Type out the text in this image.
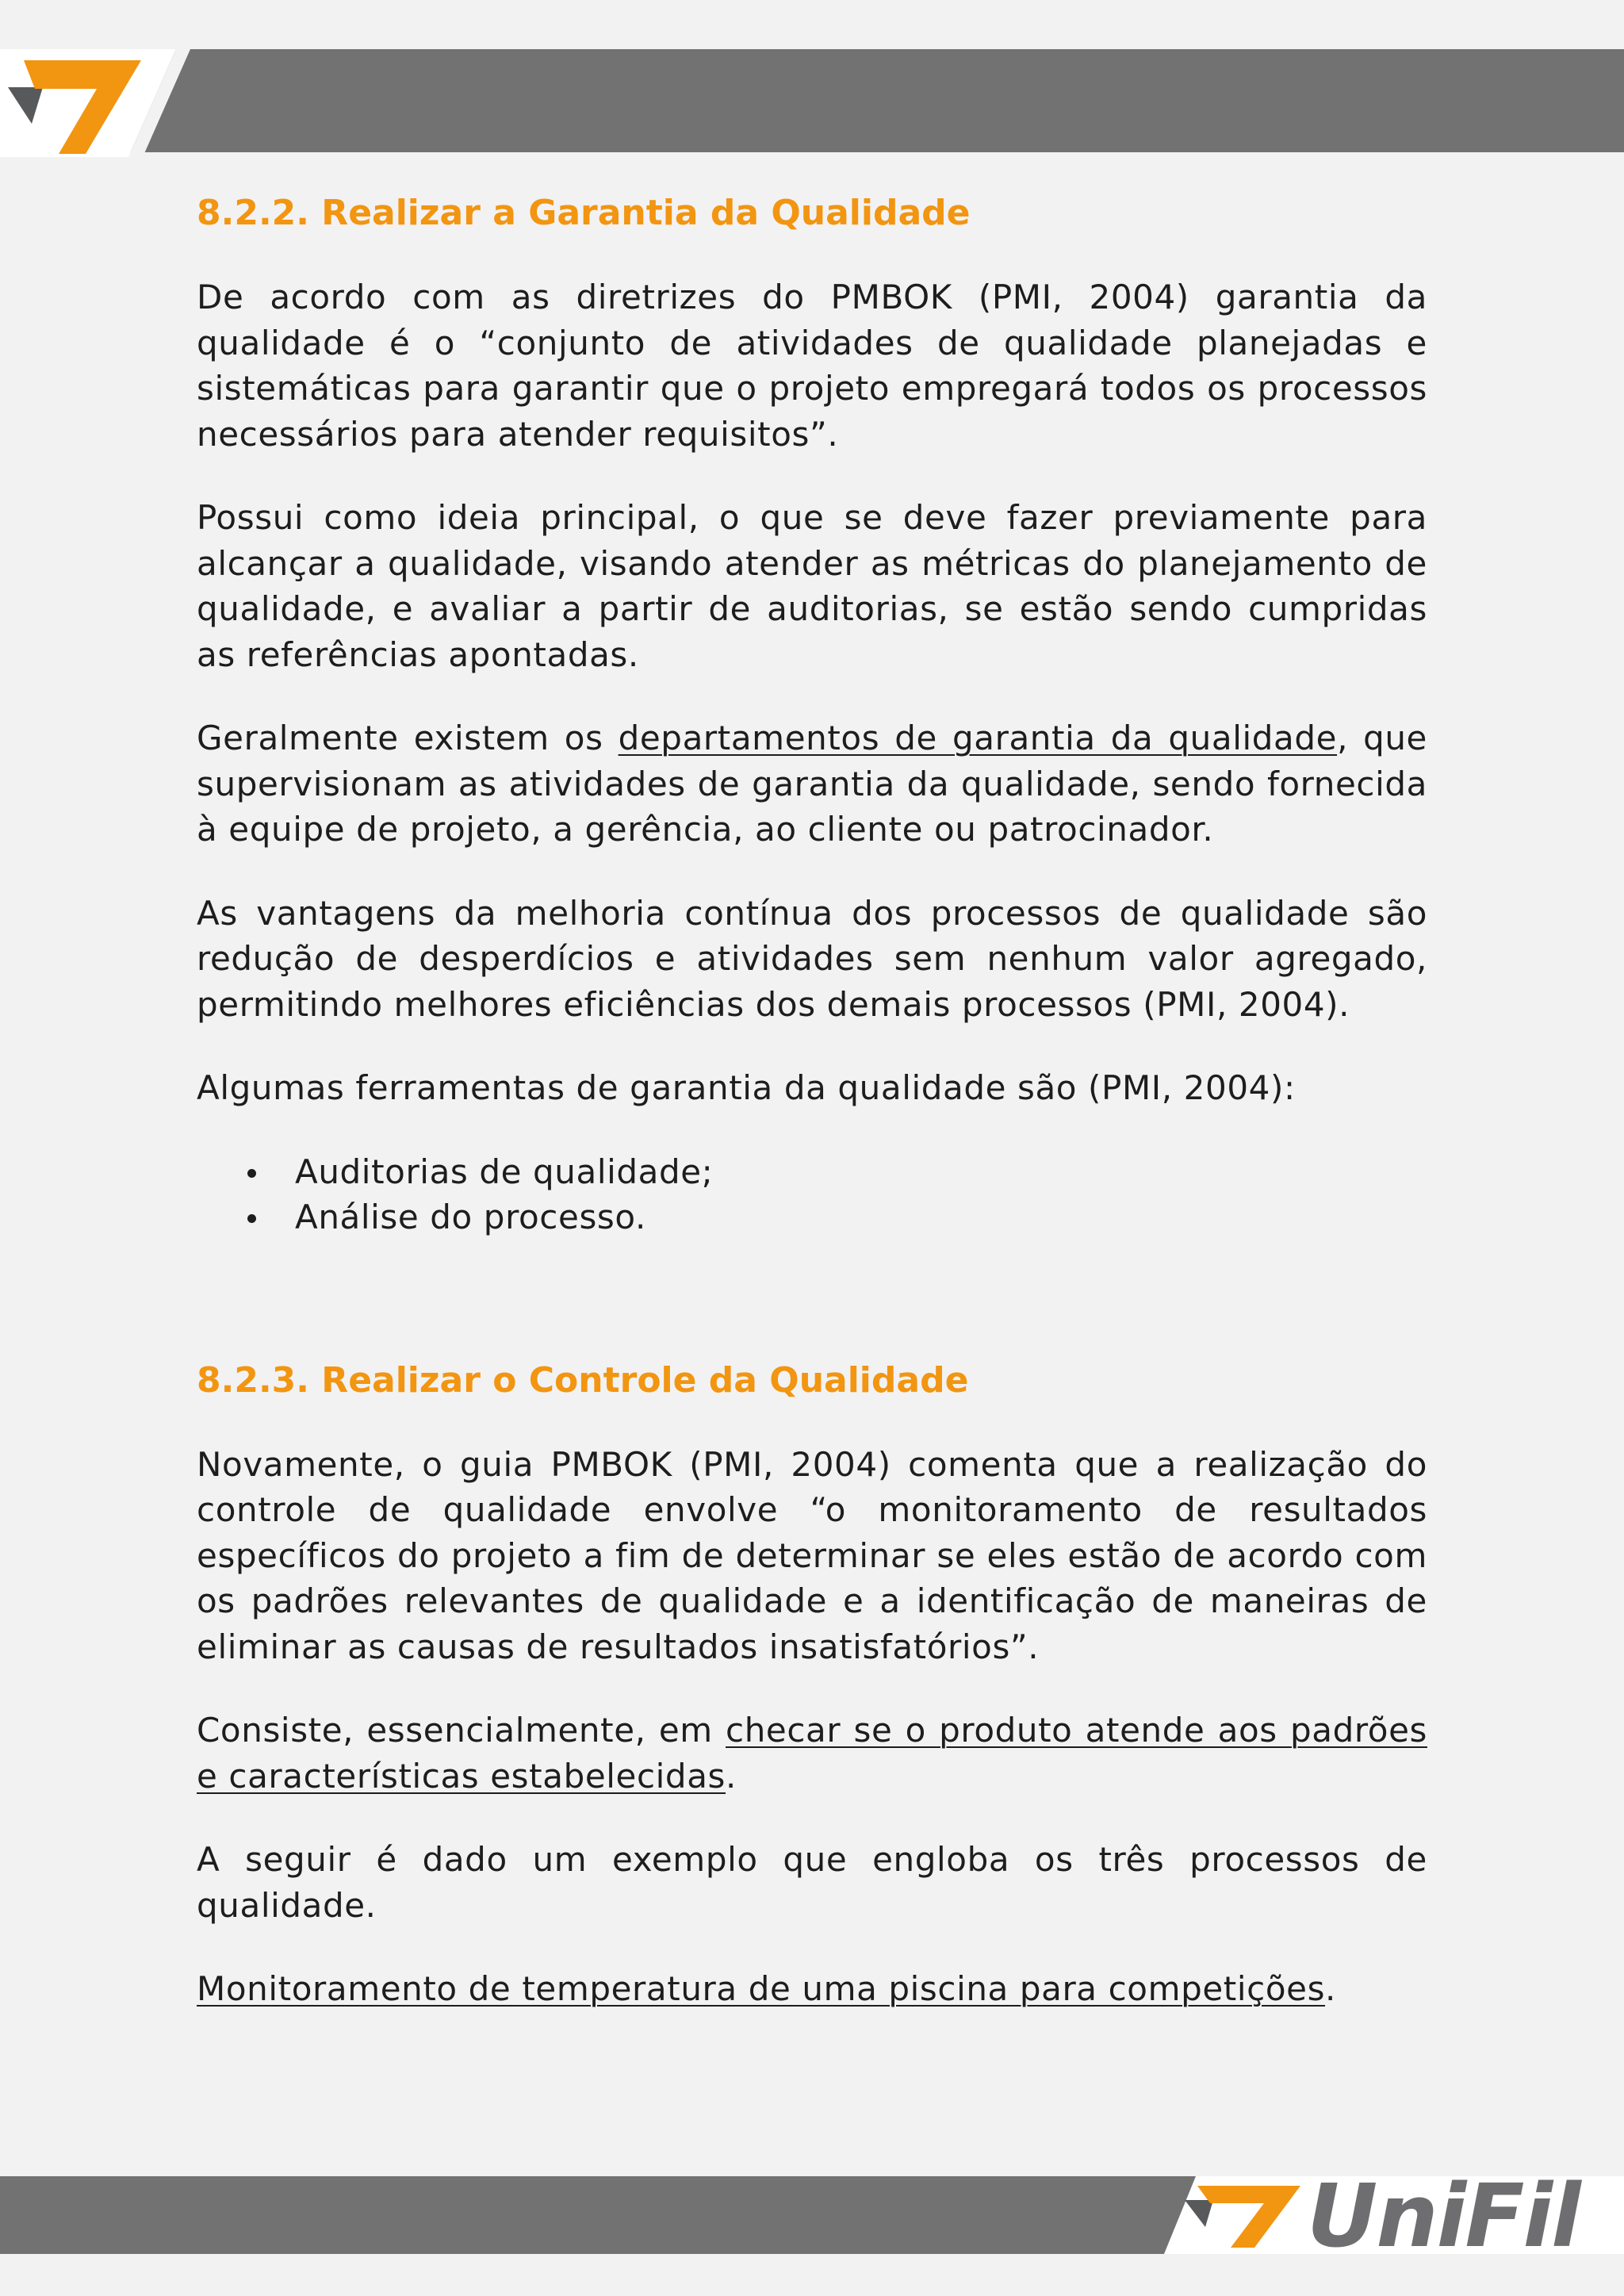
8.2.2. Realizar a Garantia da Qualidade

De acordo com as diretrizes do PMBOK (PMI, 2004) garantia da qualidade é o “conjunto de atividades de qualidade planejadas e sistemáticas para garantir que o projeto empregará todos os processos necessários para atender requisitos”.

Possui como ideia principal, o que se deve fazer previamente para alcançar a qualidade, visando atender as métricas do planejamento de qualidade, e avaliar a partir de auditorias, se estão sendo cumpridas as referências apontadas.

Geralmente existem os departamentos de garantia da qualidade, que supervisionam as atividades de garantia da qualidade, sendo fornecida à equipe de projeto, a gerência, ao cliente ou patrocinador.

As vantagens da melhoria contínua dos processos de qualidade são redução de desperdícios e atividades sem nenhum valor agregado, permitindo melhores eficiências dos demais processos (PMI, 2004).

Algumas ferramentas de garantia da qualidade são (PMI, 2004):

Auditorias de qualidade;
Análise do processo.
8.2.3. Realizar o Controle da Qualidade

Novamente, o guia PMBOK (PMI, 2004) comenta que a realização do controle de qualidade envolve “o monitoramento de resultados específicos do projeto a fim de determinar se eles estão de acordo com os padrões relevantes de qualidade e a identificação de maneiras de eliminar as causas de resultados insatisfatórios”.

Consiste, essencialmente, em checar se o produto atende aos padrões e características estabelecidas.

A seguir é dado um exemplo que engloba os três processos de qualidade.

Monitoramento de temperatura de uma piscina para competições.

UniFil
